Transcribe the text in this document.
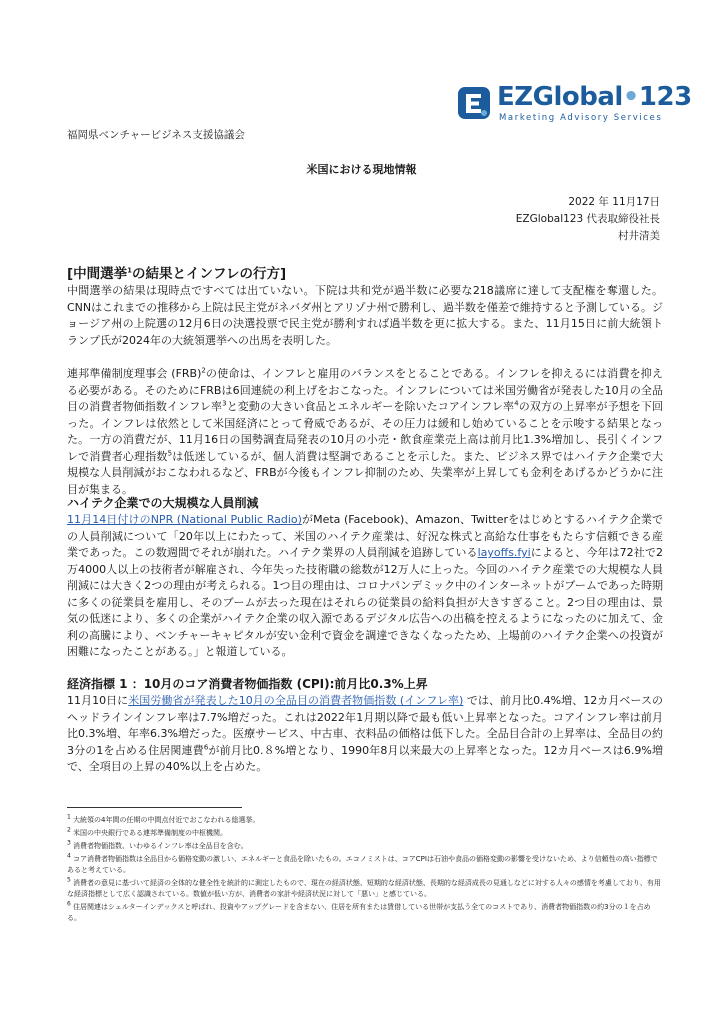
EZGlobal•123
Marketing Advisory Services
福岡県ベンチャービジネス支援協議会
米国における現地情報
2022 年 11月17日
EZGlobal123 代表取締役社長
村井清美

[中間選挙$^1$の結果とインフレの行方]

中間選挙の結果は現時点ですべては出ていない。下院は共和党が過半数に必要な218議席に達して支配権を奪還した。CNNはこれまでの推移から上院は民主党がネバダ州とアリゾナ州で勝利し、過半数を僅差で維持すると予測している。ジョージア州の上院選の12月6日の決選投票で民主党が勝利すれば過半数を更に拡大する。また、11月15日に前大統領トランプ氏が2024年の大統領選挙への出馬を表明した。

連邦準備制度理事会 (FRB)$^2$の使命は、インフレと雇用のバランスをとることである。インフレを抑えるには消費を抑える必要がある。そのためにFRBは6回連続の利上げをおこなった。インフレについては米国労働省が発表した10月の全品目の消費者物価指数インフレ率$^3$と変動の大きい食品とエネルギーを除いたコアインフレ率$^4$の双方の上昇率が予想を下回った。インフレは依然として米国経済にとって脅威であるが、その圧力は緩和し始めていることを示唆する結果となった。一方の消費だが、11月16日の国勢調査局発表の10月の小売・飲食産業売上高は前月比1.3%増加し、長引くインフレで消費者心理指数$^5$は低迷しているが、個人消費は堅調であることを示した。また、ビジネス界ではハイテク企業で大規模な人員削減がおこなわれるなど、FRBが今後もインフレ抑制のため、失業率が上昇しても金利をあげるかどうかに注目が集まる。

ハイテク企業での大規模な人員削減

11月14日付けのNPR (National Public Radio)がMeta (Facebook)、Amazon、Twitterをはじめとするハイテク企業での人員削減について「20年以上にわたって、米国のハイテク産業は、好況な株式と高給な仕事をもたらす信頼できる産業であった。この数週間でそれが崩れた。ハイテク業界の人員削減を追跡しているlayoffs.fyiによると、今年は72社で2万4000人以上の技術者が解雇され、今年失った技術職の総数が12万人に上った。今回のハイテク産業での大規模な人員削減には大きく2つの理由が考えられる。1つ目の理由は、コロナパンデミック中のインターネットがブームであった時期に多くの従業員を雇用し、そのブームが去った現在はそれらの従業員の給料負担が大きすぎること。2つ目の理由は、景気の低迷により、多くの企業がハイテク企業の収入源であるデジタル広告への出稿を控えるようになったのに加えて、金利の高騰により、ベンチャーキャピタルが安い金利で資金を調達できなくなったため、上場前のハイテク企業への投資が困難になったことがある。」と報道している。

経済指標 1 ：10月のコア消費者物価指数 (CPI):前月比0.3%上昇

11月10日に米国労働省が発表した10月の全品目の消費者物価指数 (インフレ率) では、前月比0.4%増、12カ月ベースのヘッドラインインフレ率は7.7%増だった。これは2022年1月期以降で最も低い上昇率となった。コアインフレ率は前月比0.3%増、年率6.3%増だった。医療サービス、中古車、衣料品の価格は低下した。全品目合計の上昇率は、全品目の約3分の1を占める住居関連費$^6$が前月比0.８%増となり、1990年8月以来最大の上昇率となった。12カ月ベースは6.9%増で、全項目の上昇の40%以上を占めた。

$^1$ 大統領の4年間の任期の中間点付近でおこなわれる総選挙。

$^2$ 米国の中央銀行である連邦準備制度の中枢機関。

$^3$ 消費者物価指数、いわゆるインフレ率は全品目を含む。

$^4$ コア消費者物価指数は全品目から価格変動の激しい、エネルギーと食品を除いたもの。エコノミストは、コアCPIは石油や食品の価格変動の影響を受けないため、より信頼性の高い指標であると考えている。

$^5$ 消費者の意見に基づいて経済の全体的な健全性を統計的に測定したもので、現在の経済状態、短期的な経済状態、長期的な経済成長の見通しなどに対する人々の感情を考慮しており、有用な経済指標として広く認識されている。数値が低い方が、消費者の家計や経済状況に対して「悪い」と感じている。

$^6$ 住居関連はシェルターインデックスと呼ばれ、投資やアップグレードを含まない、住居を所有または賃借している世帯が支払う全てのコストであり、消費者物価指数の約3分の１を占める。
